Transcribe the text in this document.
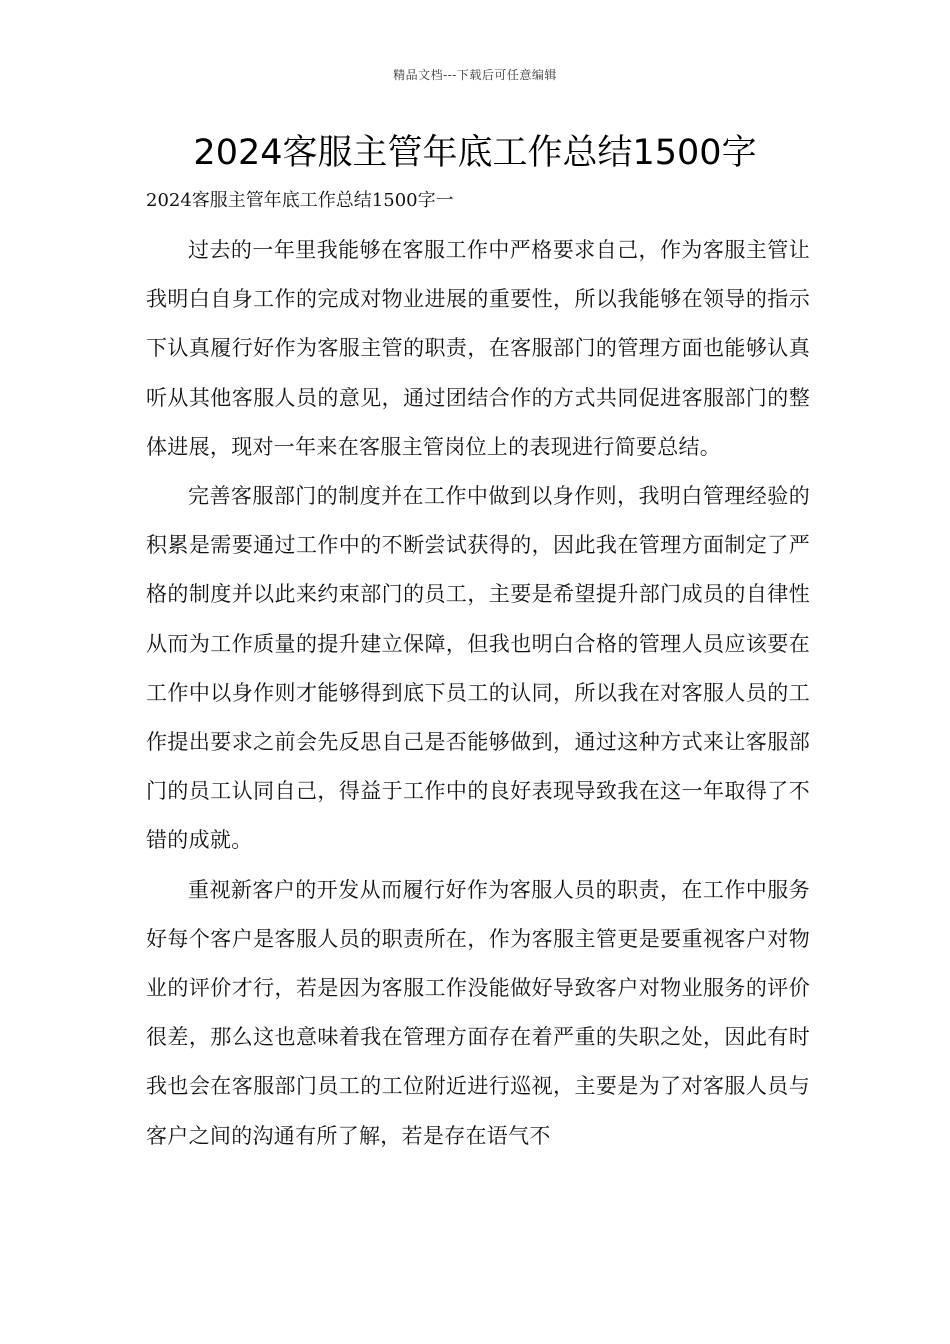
精品文档---下载后可任意编辑
2024客服主管年底工作总结1500字
2024客服主管年底工作总结1500字一

过去的一年里我能够在客服工作中严格要求自己，作为客服主管让我明白自身工作的完成对物业进展的重要性，所以我能够在领导的指示下认真履行好作为客服主管的职责，在客服部门的管理方面也能够认真听从其他客服人员的意见，通过团结合作的方式共同促进客服部门的整体进展，现对一年来在客服主管岗位上的表现进行简要总结。

完善客服部门的制度并在工作中做到以身作则，我明白管理经验的积累是需要通过工作中的不断尝试获得的，因此我在管理方面制定了严格的制度并以此来约束部门的员工，主要是希望提升部门成员的自律性从而为工作质量的提升建立保障，但我也明白合格的管理人员应该要在工作中以身作则才能够得到底下员工的认同，所以我在对客服人员的工作提出要求之前会先反思自己是否能够做到，通过这种方式来让客服部门的员工认同自己，得益于工作中的良好表现导致我在这一年取得了不错的成就。

重视新客户的开发从而履行好作为客服人员的职责，在工作中服务好每个客户是客服人员的职责所在，作为客服主管更是要重视客户对物业的评价才行，若是因为客服工作没能做好导致客户对物业服务的评价很差，那么这也意味着我在管理方面存在着严重的失职之处，因此有时我也会在客服部门员工的工位附近进行巡视，主要是为了对客服人员与客户之间的沟通有所了解，若是存在语气不
